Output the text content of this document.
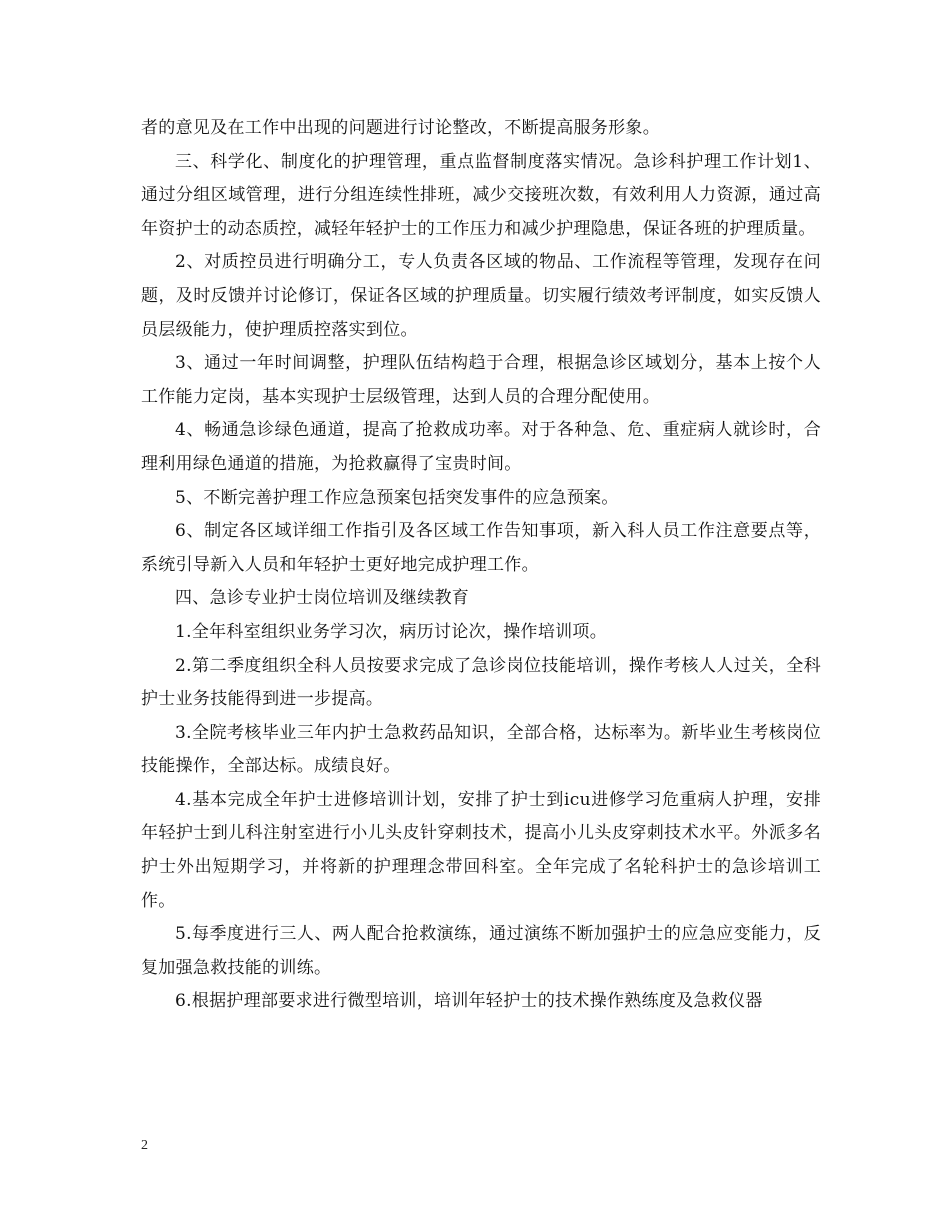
者的意见及在工作中出现的问题进行讨论整改，不断提高服务形象。

三、科学化、制度化的护理管理，重点监督制度落实情况。急诊科护理工作计划1、通过分组区域管理，进行分组连续性排班，减少交接班次数，有效利用人力资源，通过高年资护士的动态质控，减轻年轻护士的工作压力和减少护理隐患，保证各班的护理质量。

2、对质控员进行明确分工，专人负责各区域的物品、工作流程等管理，发现存在问题，及时反馈并讨论修订，保证各区域的护理质量。切实履行绩效考评制度，如实反馈人员层级能力，使护理质控落实到位。

3、通过一年时间调整，护理队伍结构趋于合理，根据急诊区域划分，基本上按个人工作能力定岗，基本实现护士层级管理，达到人员的合理分配使用。

4、畅通急诊绿色通道，提高了抢救成功率。对于各种急、危、重症病人就诊时，合理利用绿色通道的措施，为抢救赢得了宝贵时间。

5、不断完善护理工作应急预案包括突发事件的应急预案。

6、制定各区域详细工作指引及各区域工作告知事项，新入科人员工作注意要点等，系统引导新入人员和年轻护士更好地完成护理工作。

四、急诊专业护士岗位培训及继续教育

1.全年科室组织业务学习次，病历讨论次，操作培训项。

2.第二季度组织全科人员按要求完成了急诊岗位技能培训，操作考核人人过关，全科护士业务技能得到进一步提高。

3.全院考核毕业三年内护士急救药品知识，全部合格，达标率为。新毕业生考核岗位技能操作，全部达标。成绩良好。

4.基本完成全年护士进修培训计划，安排了护士到icu进修学习危重病人护理，安排年轻护士到儿科注射室进行小儿头皮针穿刺技术，提高小儿头皮穿刺技术水平。外派多名护士外出短期学习，并将新的护理理念带回科室。全年完成了名轮科护士的急诊培训工作。

5.每季度进行三人、两人配合抢救演练，通过演练不断加强护士的应急应变能力，反复加强急救技能的训练。

6.根据护理部要求进行微型培训，培训年轻护士的技术操作熟练度及急救仪器

2
